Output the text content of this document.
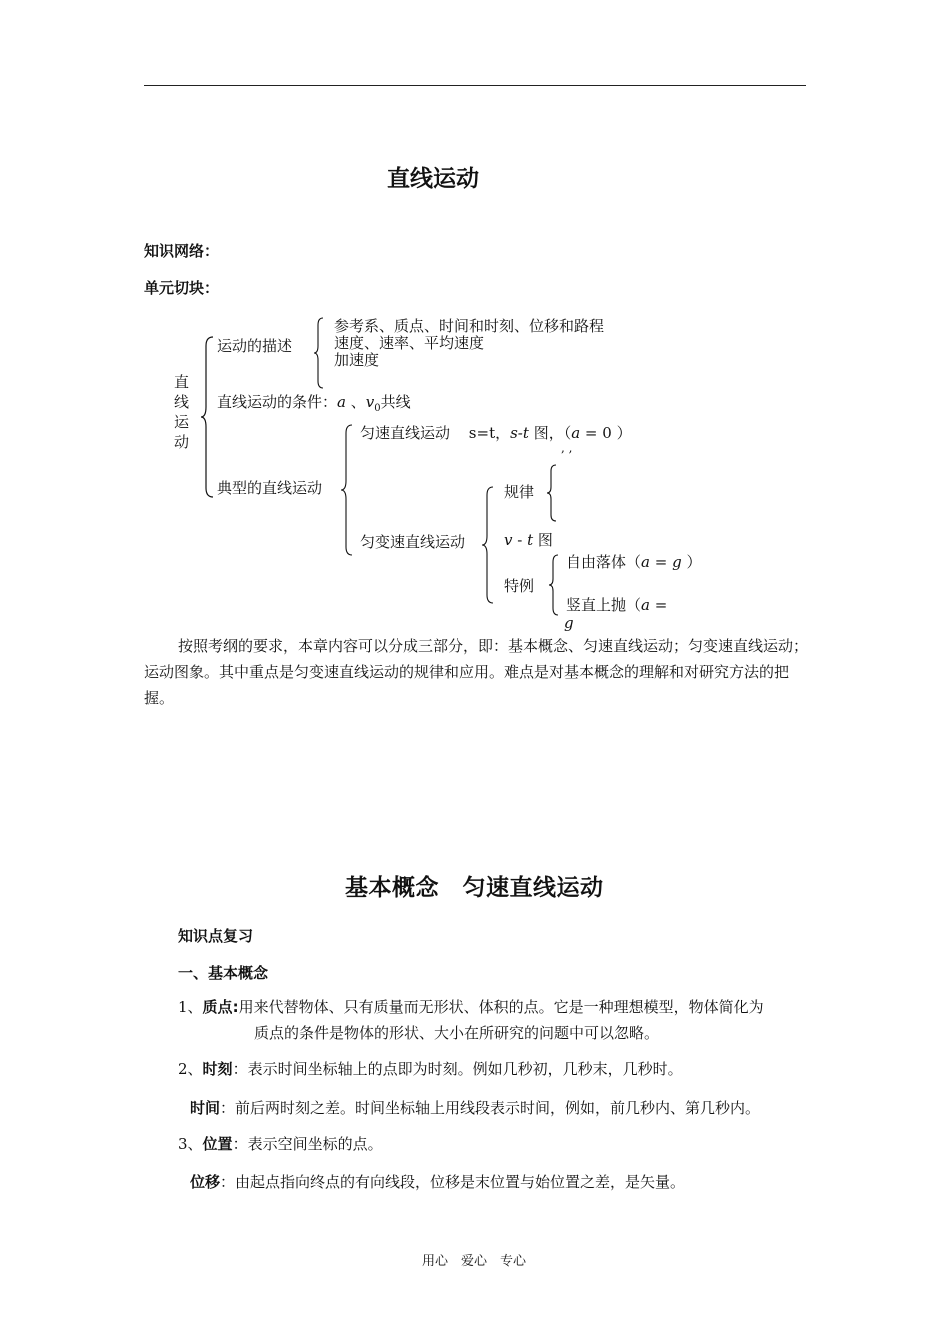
直线运动
知识网络：
单元切块：
直线运动
运动的描述
参考系、质点、时间和时刻、位移和路程
速度、速率、平均速度
加速度
直线运动的条件：a 、$v_0$共线
典型的直线运动
匀速直线运动 s=t，s-t 图，（a = 0 ）
, ,
匀变速直线运动
规律
v - t 图
特例
自由落体（a = g ）
竖直上抛（a =
g
按照考纲的要求，本章内容可以分成三部分，即：基本概念、匀速直线运动；匀变速直线运动；运动图象。其中重点是匀变速直线运动的规律和应用。难点是对基本概念的理解和对研究方法的把握。
基本概念　匀速直线运动
知识点复习
一、基本概念
1、质点:用来代替物体、只有质量而无形状、体积的点。它是一种理想模型，物体简化为
质点的条件是物体的形状、大小在所研究的问题中可以忽略。
2、时刻：表示时间坐标轴上的点即为时刻。例如几秒初，几秒末，几秒时。
时间：前后两时刻之差。时间坐标轴上用线段表示时间，例如，前几秒内、第几秒内。
3、位置：表示空间坐标的点。
位移：由起点指向终点的有向线段，位移是末位置与始位置之差，是矢量。
用心　爱心　专心
